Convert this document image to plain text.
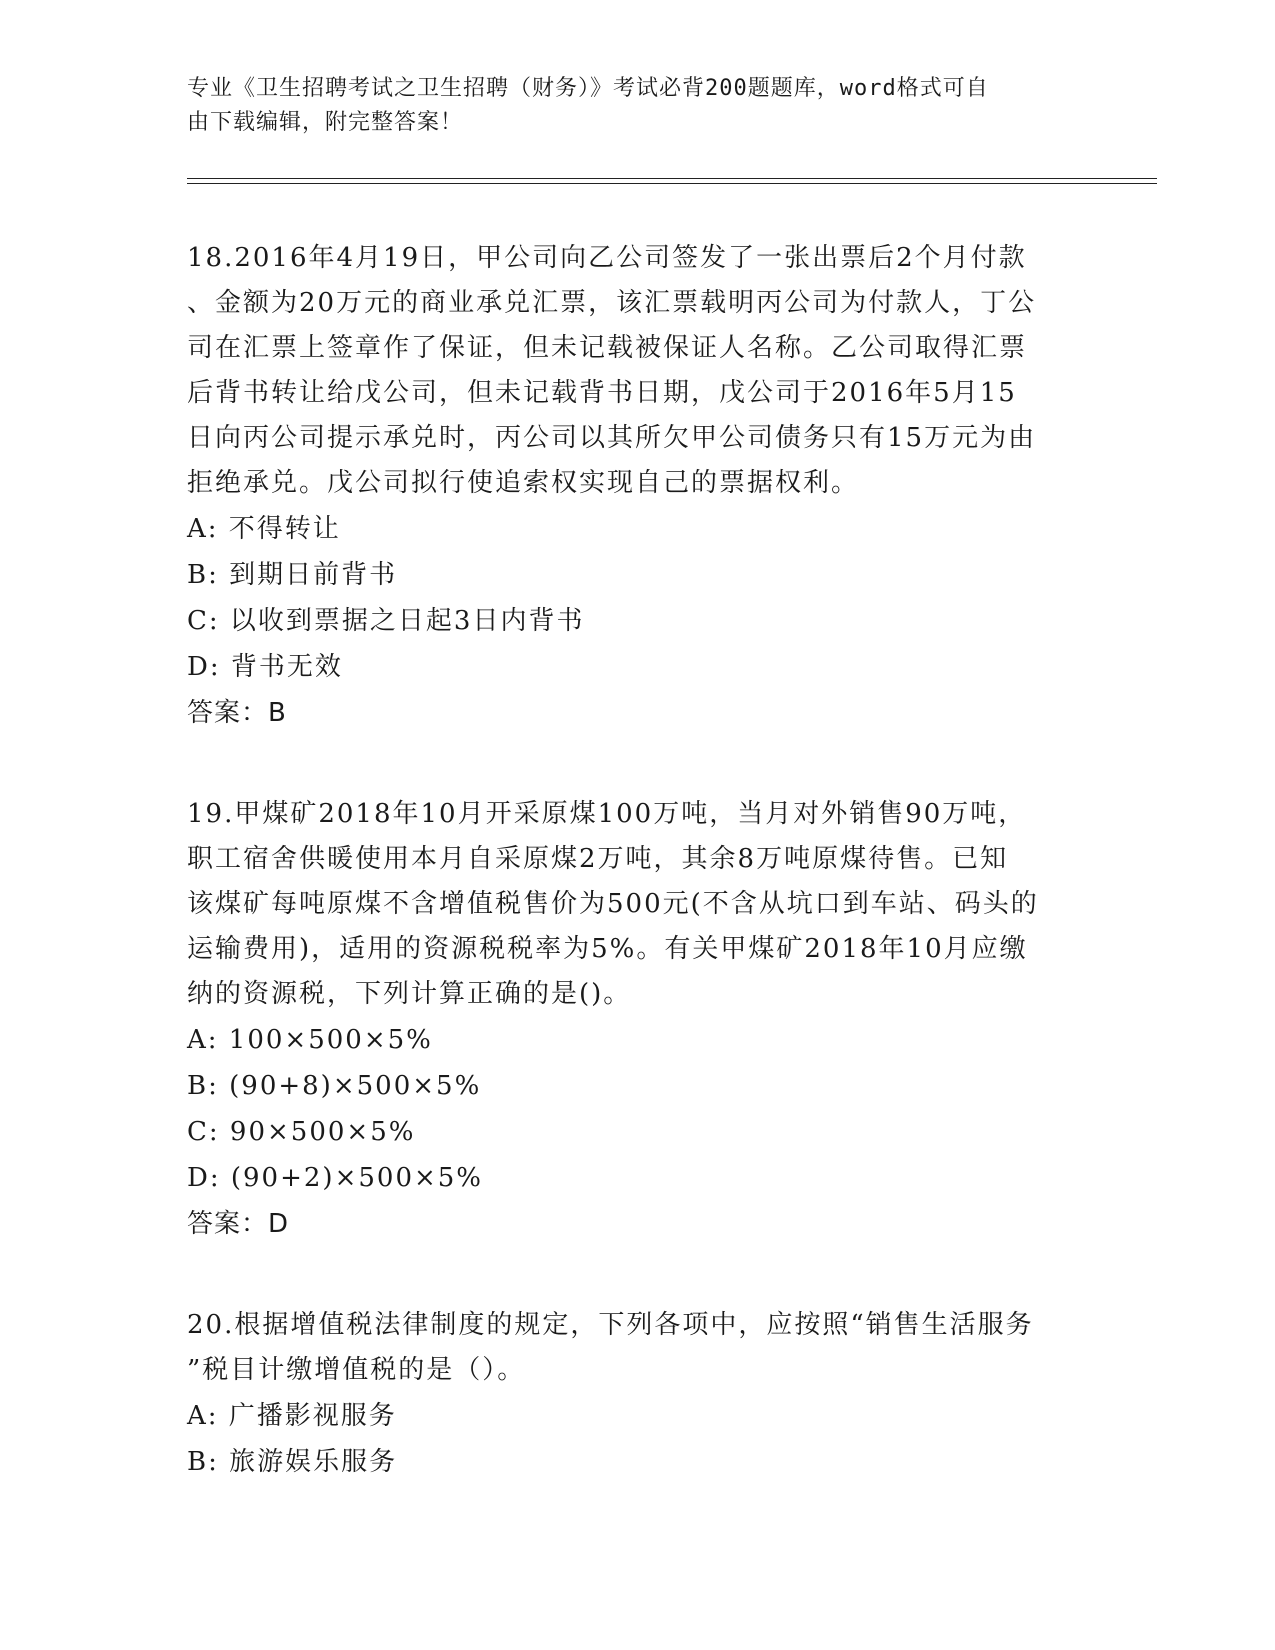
专业《卫生招聘考试之卫生招聘（财务）》考试必背200题题库，word格式可自
由下载编辑，附完整答案！

18.2016年4月19日，甲公司向乙公司签发了一张出票后2个月付款

、金额为20万元的商业承兑汇票，该汇票载明丙公司为付款人，丁公

司在汇票上签章作了保证，但未记载被保证人名称。乙公司取得汇票

后背书转让给戊公司，但未记载背书日期，戊公司于2016年5月15

日向丙公司提示承兑时，丙公司以其所欠甲公司债务只有15万元为由

拒绝承兑。戊公司拟行使追索权实现自己的票据权利。

A: 不得转让

B: 到期日前背书

C: 以收到票据之日起3日内背书

D: 背书无效

答案：B

19.甲煤矿2018年10月开采原煤100万吨，当月对外销售90万吨，

职工宿舍供暖使用本月自采原煤2万吨，其余8万吨原煤待售。已知

该煤矿每吨原煤不含增值税售价为500元(不含从坑口到车站、码头的

运输费用)，适用的资源税税率为5%。有关甲煤矿2018年10月应缴

纳的资源税，下列计算正确的是()。

A: 100×500×5%

B: (90+8)×500×5%

C: 90×500×5%

D: (90+2)×500×5%

答案：D

20.根据增值税法律制度的规定，下列各项中，应按照“销售生活服务

”税目计缴增值税的是（）。

A: 广播影视服务

B: 旅游娱乐服务
